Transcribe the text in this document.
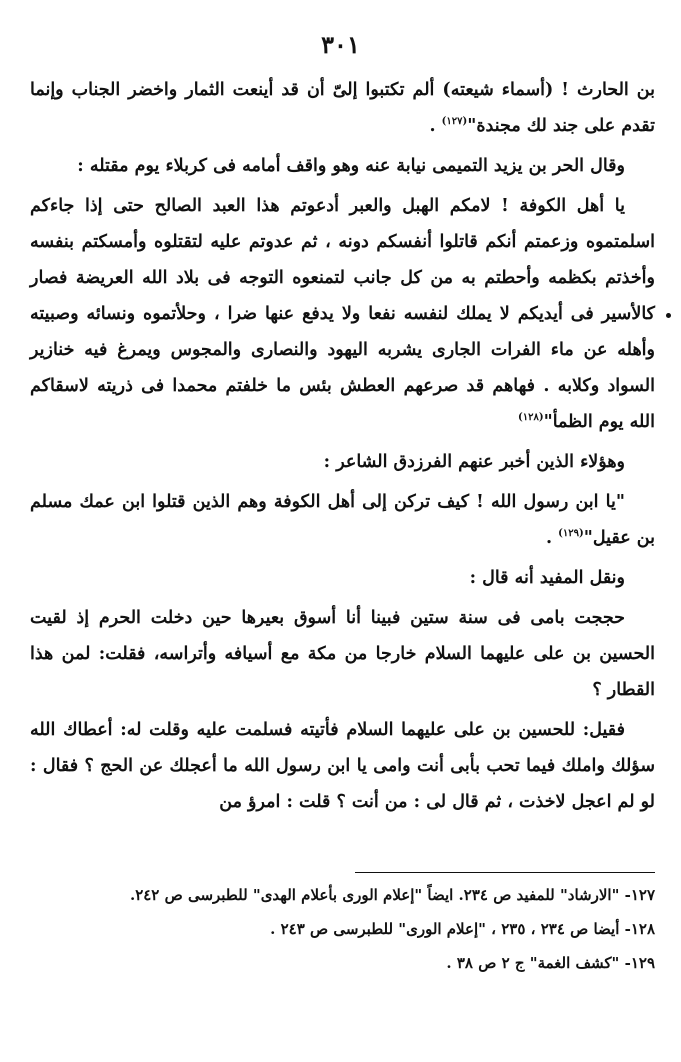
٣٠١

بن الحارث ! (أسماء شيعته) ألم تكتبوا إلىّ أن قد أينعت الثمار واخضر الجناب وإنما تقدم على جند لك مجندة"$^{(١٢٧)}$ .

وقال الحر بن يزيد التميمى نيابة عنه وهو واقف أمامه فى كربلاء يوم مقتله :

يا أهل الكوفة ! لامكم الهبل والعبر أدعوتم هذا العبد الصالح حتى إذا جاءكم اسلمتموه وزعمتم أنكم قاتلوا أنفسكم دونه ، ثم عدوتم عليه لتقتلوه وأمسكتم بنفسه وأخذتم بكظمه وأحطتم به من كل جانب لتمنعوه التوجه فى بلاد الله العريضة فصار كالأسير فى أيديكم لا يملك لنفسه نفعا ولا يدفع عنها ضرا ، وحلأتموه ونسائه وصبيته وأهله عن ماء الفرات الجارى يشربه اليهود والنصارى والمجوس ويمرغ فيه خنازير السواد وكلابه . فهاهم قد صرعهم العطش بئس ما خلفتم محمدا فى ذريته لاسقاكم الله يوم الظمأ"$^{(١٢٨)}$

وهؤلاء الذين أخبر عنهم الفرزدق الشاعر :

"يا ابن رسول الله ! كيف تركن إلى أهل الكوفة وهم الذين قتلوا ابن عمك مسلم بن عقيل"$^{(١٢٩)}$ .

ونقل المفيد أنه قال :

حججت بامى فى سنة ستين فبينا أنا أسوق بعيرها حين دخلت الحرم إذ لقيت الحسين بن على عليهما السلام خارجا من مكة مع أسيافه وأتراسه، فقلت: لمن هذا القطار ؟

فقيل: للحسين بن على عليهما السلام فأتيته فسلمت عليه وقلت له: أعطاك الله سؤلك واملك فيما تحب بأبى أنت وامى يا ابن رسول الله ما أعجلك عن الحج ؟ فقال : لو لم اعجل لاخذت ، ثم قال لى : من أنت ؟ قلت : امرؤ من

١٢٧- "الارشاد" للمفيد ص ٢٣٤. ايضاً "إعلام الورى بأعلام الهدى" للطبرسى ص ٢٤٢.

١٢٨- أيضا ص ٢٣٤ ، ٢٣٥ ، "إعلام الورى" للطبرسى ص ٢٤٣ .

١٢٩- "كشف الغمة" ج ٢ ص ٣٨ .
